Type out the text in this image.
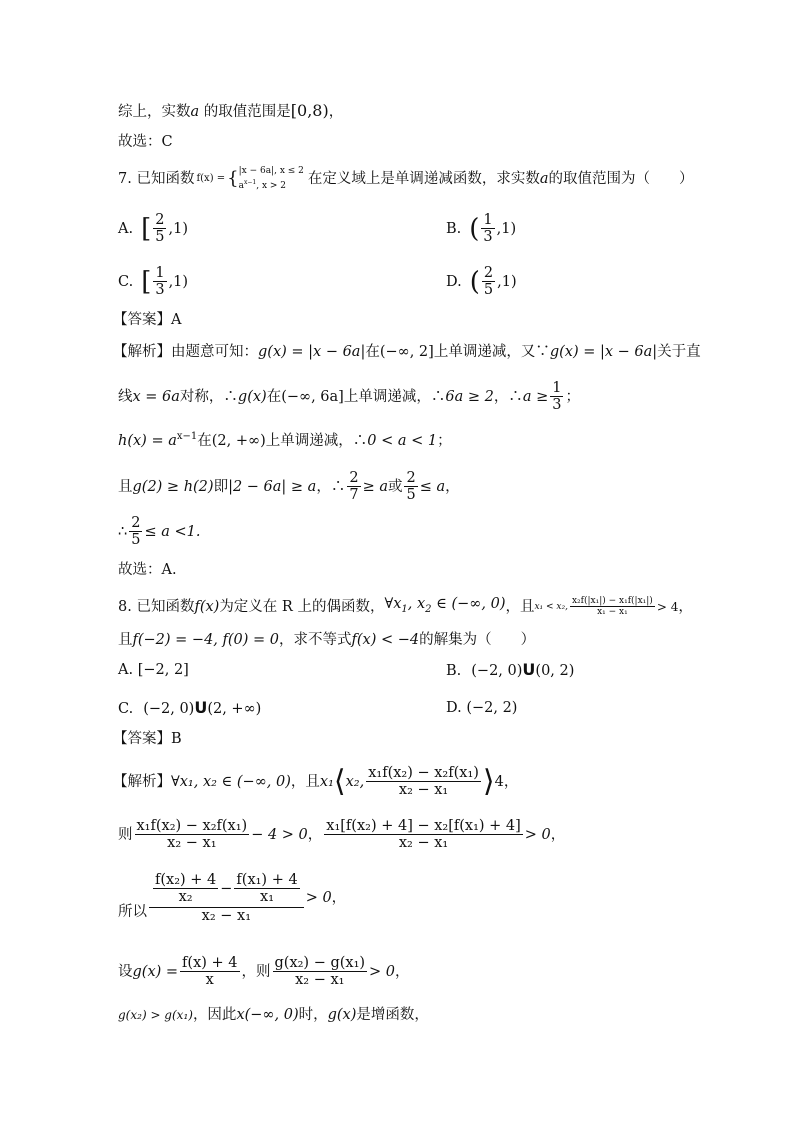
综上，实数a 的取值范围是[0,8)，
故选：C
7. 已知函数 f(x) = { |x − 6a|, x ≤ 2
$a^{x-1}$, x > 2	在定义域上是单调递减函数，求实数 a 的取值范围为（　　）
A. [ $\frac{2}{5} ,1$)	B. ( $\frac{1}{3} ,1$)
C. [ $\frac{1}{3} ,1$)	D. ( $\frac{2}{5} ,1$)
【答案】A
【解析】由题意可知：g(x) = |x − 6a|在(−∞, 2]上单调递减，又∵g(x) = |x − 6a|关于直
线 x = 6a 对称，∴ g(x) 在 (−∞, 6a] 上单调递减，∴ 6a ≥ 2 ，∴ $a \ge \frac{1}{3}$ ；
$h(x) = a^{x-1}$在(2, +∞)上单调递减，∴0 < a < 1；
且 g(2) ≥ h(2) 即 |2 − 6a| ≥ a ，∴ $\frac{2}{7} \ge a$ 或 $\frac{2}{5} \le a$ ，
∴ $\frac{2}{5} \le a <1$.
故选：A.
8. 已知函数 f(x) 为定义在 R 上的偶函数， $\forall x_1$, $x_2$ ∈ (−∞, 0) ，且 x₁ < x₂, $\frac{\text{x₂f(|x₁|) − x₁f(|x₁|)}}{\text{x₁ − x₁}} > 4$ ，
且f(−2) = −4, f(0) = 0，求不等式f(x) < −4的解集为（　　）
A. [−2, 2]	B. (−2, 0)U(0, 2)
C. (−2, 0)U(2, +∞)	D. (−2, 2)
【答案】B
【解析】 ∀x₁, x₂ ∈ (−∞, 0) ，且 x₁ ⟨ x₂, $\frac{\text{x₁f(x₂) − x₂f(x₁)}}{\text{x₂ − x₁}}$ ⟩ 4 ，
则 $\frac{\text{x₁f(x₂) − x₂f(x₁)}}{\text{x₂ − x₁}} - 4 > 0$ ， $\frac{\text{x₁[f(x₂) + 4] − x₂[f(x₁) + 4]}}{\text{x₂ − x₁}} > 0$ ，
所以 $\frac{\frac{\text{f(x₂) + 4}}{\text{x₂}} - \frac{\text{f(x₁) + 4}}{\text{x₁}}}{\text{x₂ − x₁}} > 0$ ，
设 $g(x) = \frac{f(x) + 4}{x}$ ，则 $\frac{\text{g(x₂) − g(x₁)}}{\text{x₂ − x₁}} > 0$ ，
g(x₂) > g(x₁)，因此x(−∞, 0)时，g(x)是增函数，
